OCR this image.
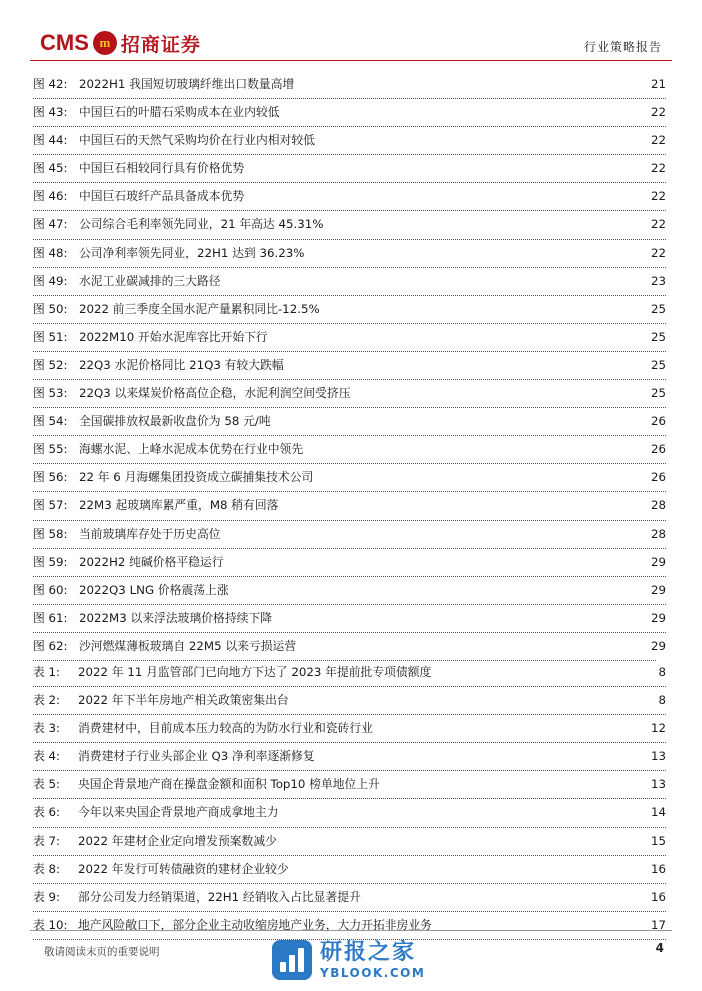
CMS m 招商证券	行业策略报告
图 42: 2022H1 我国短切玻璃纤维出口数量高增	21
图 43: 中国巨石的叶腊石采购成本在业内较低	22
图 44: 中国巨石的天然气采购均价在行业内相对较低	22
图 45: 中国巨石相较同行具有价格优势	22
图 46: 中国巨石玻纤产品具备成本优势	22
图 47: 公司综合毛利率领先同业，21 年高达 45.31%	22
图 48: 公司净利率领先同业，22H1 达到 36.23%	22
图 49: 水泥工业碳减排的三大路径	23
图 50: 2022 前三季度全国水泥产量累积同比-12.5%	25
图 51: 2022M10 开始水泥库容比开始下行	25
图 52: 22Q3 水泥价格同比 21Q3 有较大跌幅	25
图 53: 22Q3 以来煤炭价格高位企稳，水泥利润空间受挤压	25
图 54: 全国碳排放权最新收盘价为 58 元/吨	26
图 55: 海螺水泥、上峰水泥成本优势在行业中领先	26
图 56: 22 年 6 月海螺集团投资成立碳捕集技术公司	26
图 57: 22M3 起玻璃库累严重，M8 稍有回落	28
图 58: 当前玻璃库存处于历史高位	28
图 59: 2022H2 纯碱价格平稳运行	29
图 60: 2022Q3 LNG 价格震荡上涨	29
图 61: 2022M3 以来浮法玻璃价格持续下降	29
图 62: 沙河燃煤薄板玻璃自 22M5 以来亏损运营	29
表 1: 2022 年 11 月监管部门已向地方下达了 2023 年提前批专项债额度	8
表 2: 2022 年下半年房地产相关政策密集出台	8
表 3: 消费建材中，目前成本压力较高的为防水行业和瓷砖行业	12
表 4: 消费建材子行业头部企业 Q3 净利率逐渐修复	13
表 5: 央国企背景地产商在操盘金额和面积 Top10 榜单地位上升	13
表 6: 今年以来央国企背景地产商成拿地主力	14
表 7: 2022 年建材企业定向增发预案数减少	15
表 8: 2022 年发行可转债融资的建材企业较少	16
表 9: 部分公司发力经销渠道，22H1 经销收入占比显著提升	16
表 10: 地产风险敞口下，部分企业主动收缩房地产业务，大力开拓非房业务	17
敬请阅读末页的重要说明	研报之家
YBLOOK.COM
4
